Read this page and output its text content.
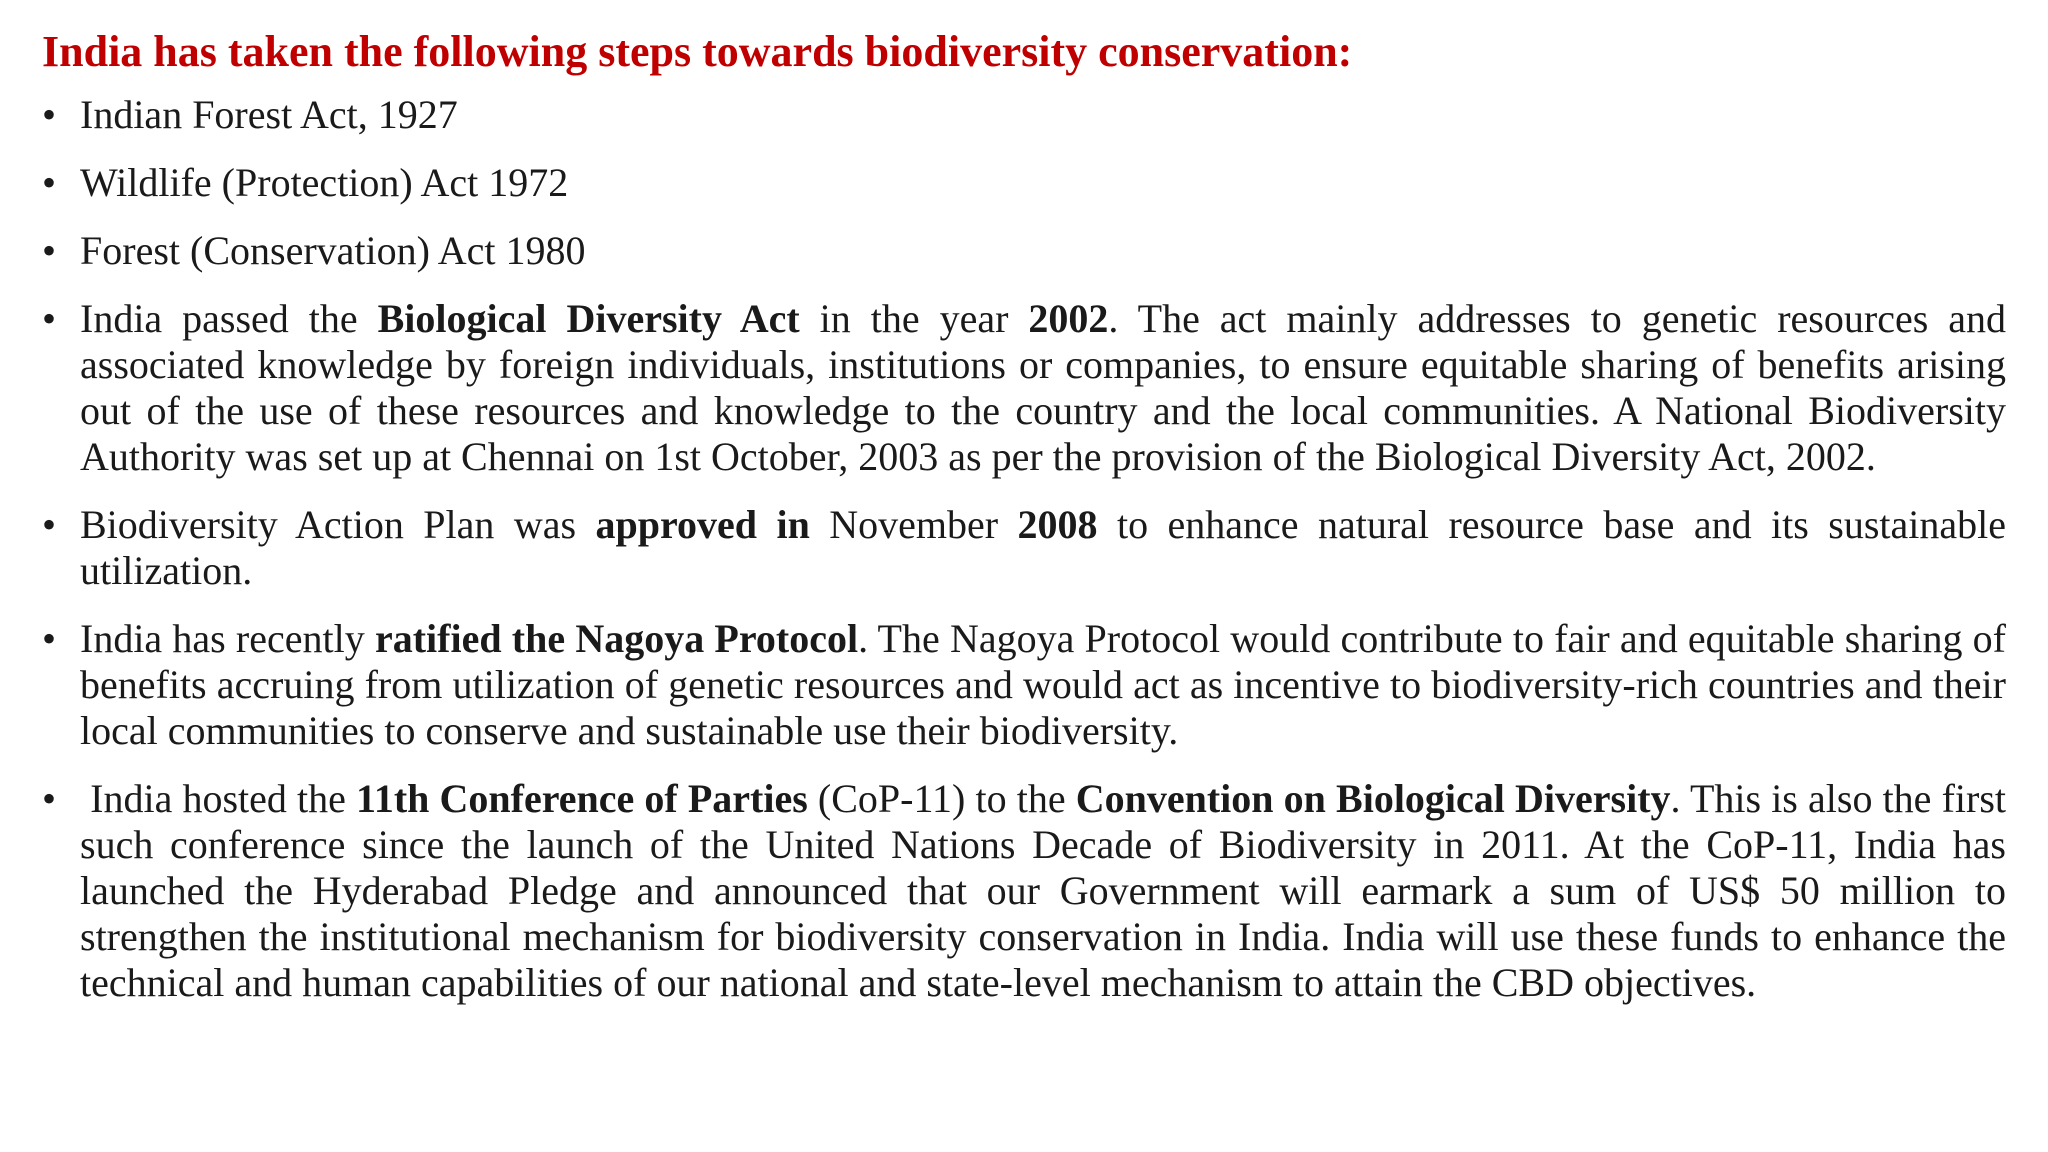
India has taken the following steps towards biodiversity conservation:
• Indian Forest Act, 1927
• Wildlife (Protection) Act 1972
• Forest (Conservation) Act 1980
• India passed the Biological Diversity Act in the year 2002. The act mainly addresses to genetic resources and associated knowledge by foreign individuals, institutions or companies, to ensure equitable sharing of benefits arising out of the use of these resources and knowledge to the country and the local communities. A National Biodiversity Authority was set up at Chennai on 1st October, 2003 as per the provision of the Biological Diversity Act, 2002.
• Biodiversity Action Plan was approved in November 2008 to enhance natural resource base and its sustainable utilization.
• India has recently ratified the Nagoya Protocol. The Nagoya Protocol would contribute to fair and equitable sharing of benefits accruing from utilization of genetic resources and would act as incentive to biodiversity-rich countries and their local communities to conserve and sustainable use their biodiversity.
• India hosted the 11th Conference of Parties (CoP-11) to the Convention on Biological Diversity. This is also the first such conference since the launch of the United Nations Decade of Biodiversity in 2011. At the CoP-11, India has launched the Hyderabad Pledge and announced that our Government will earmark a sum of US$ 50 million to strengthen the institutional mechanism for biodiversity conservation in India. India will use these funds to enhance the technical and human capabilities of our national and state-level mechanism to attain the CBD objectives.
